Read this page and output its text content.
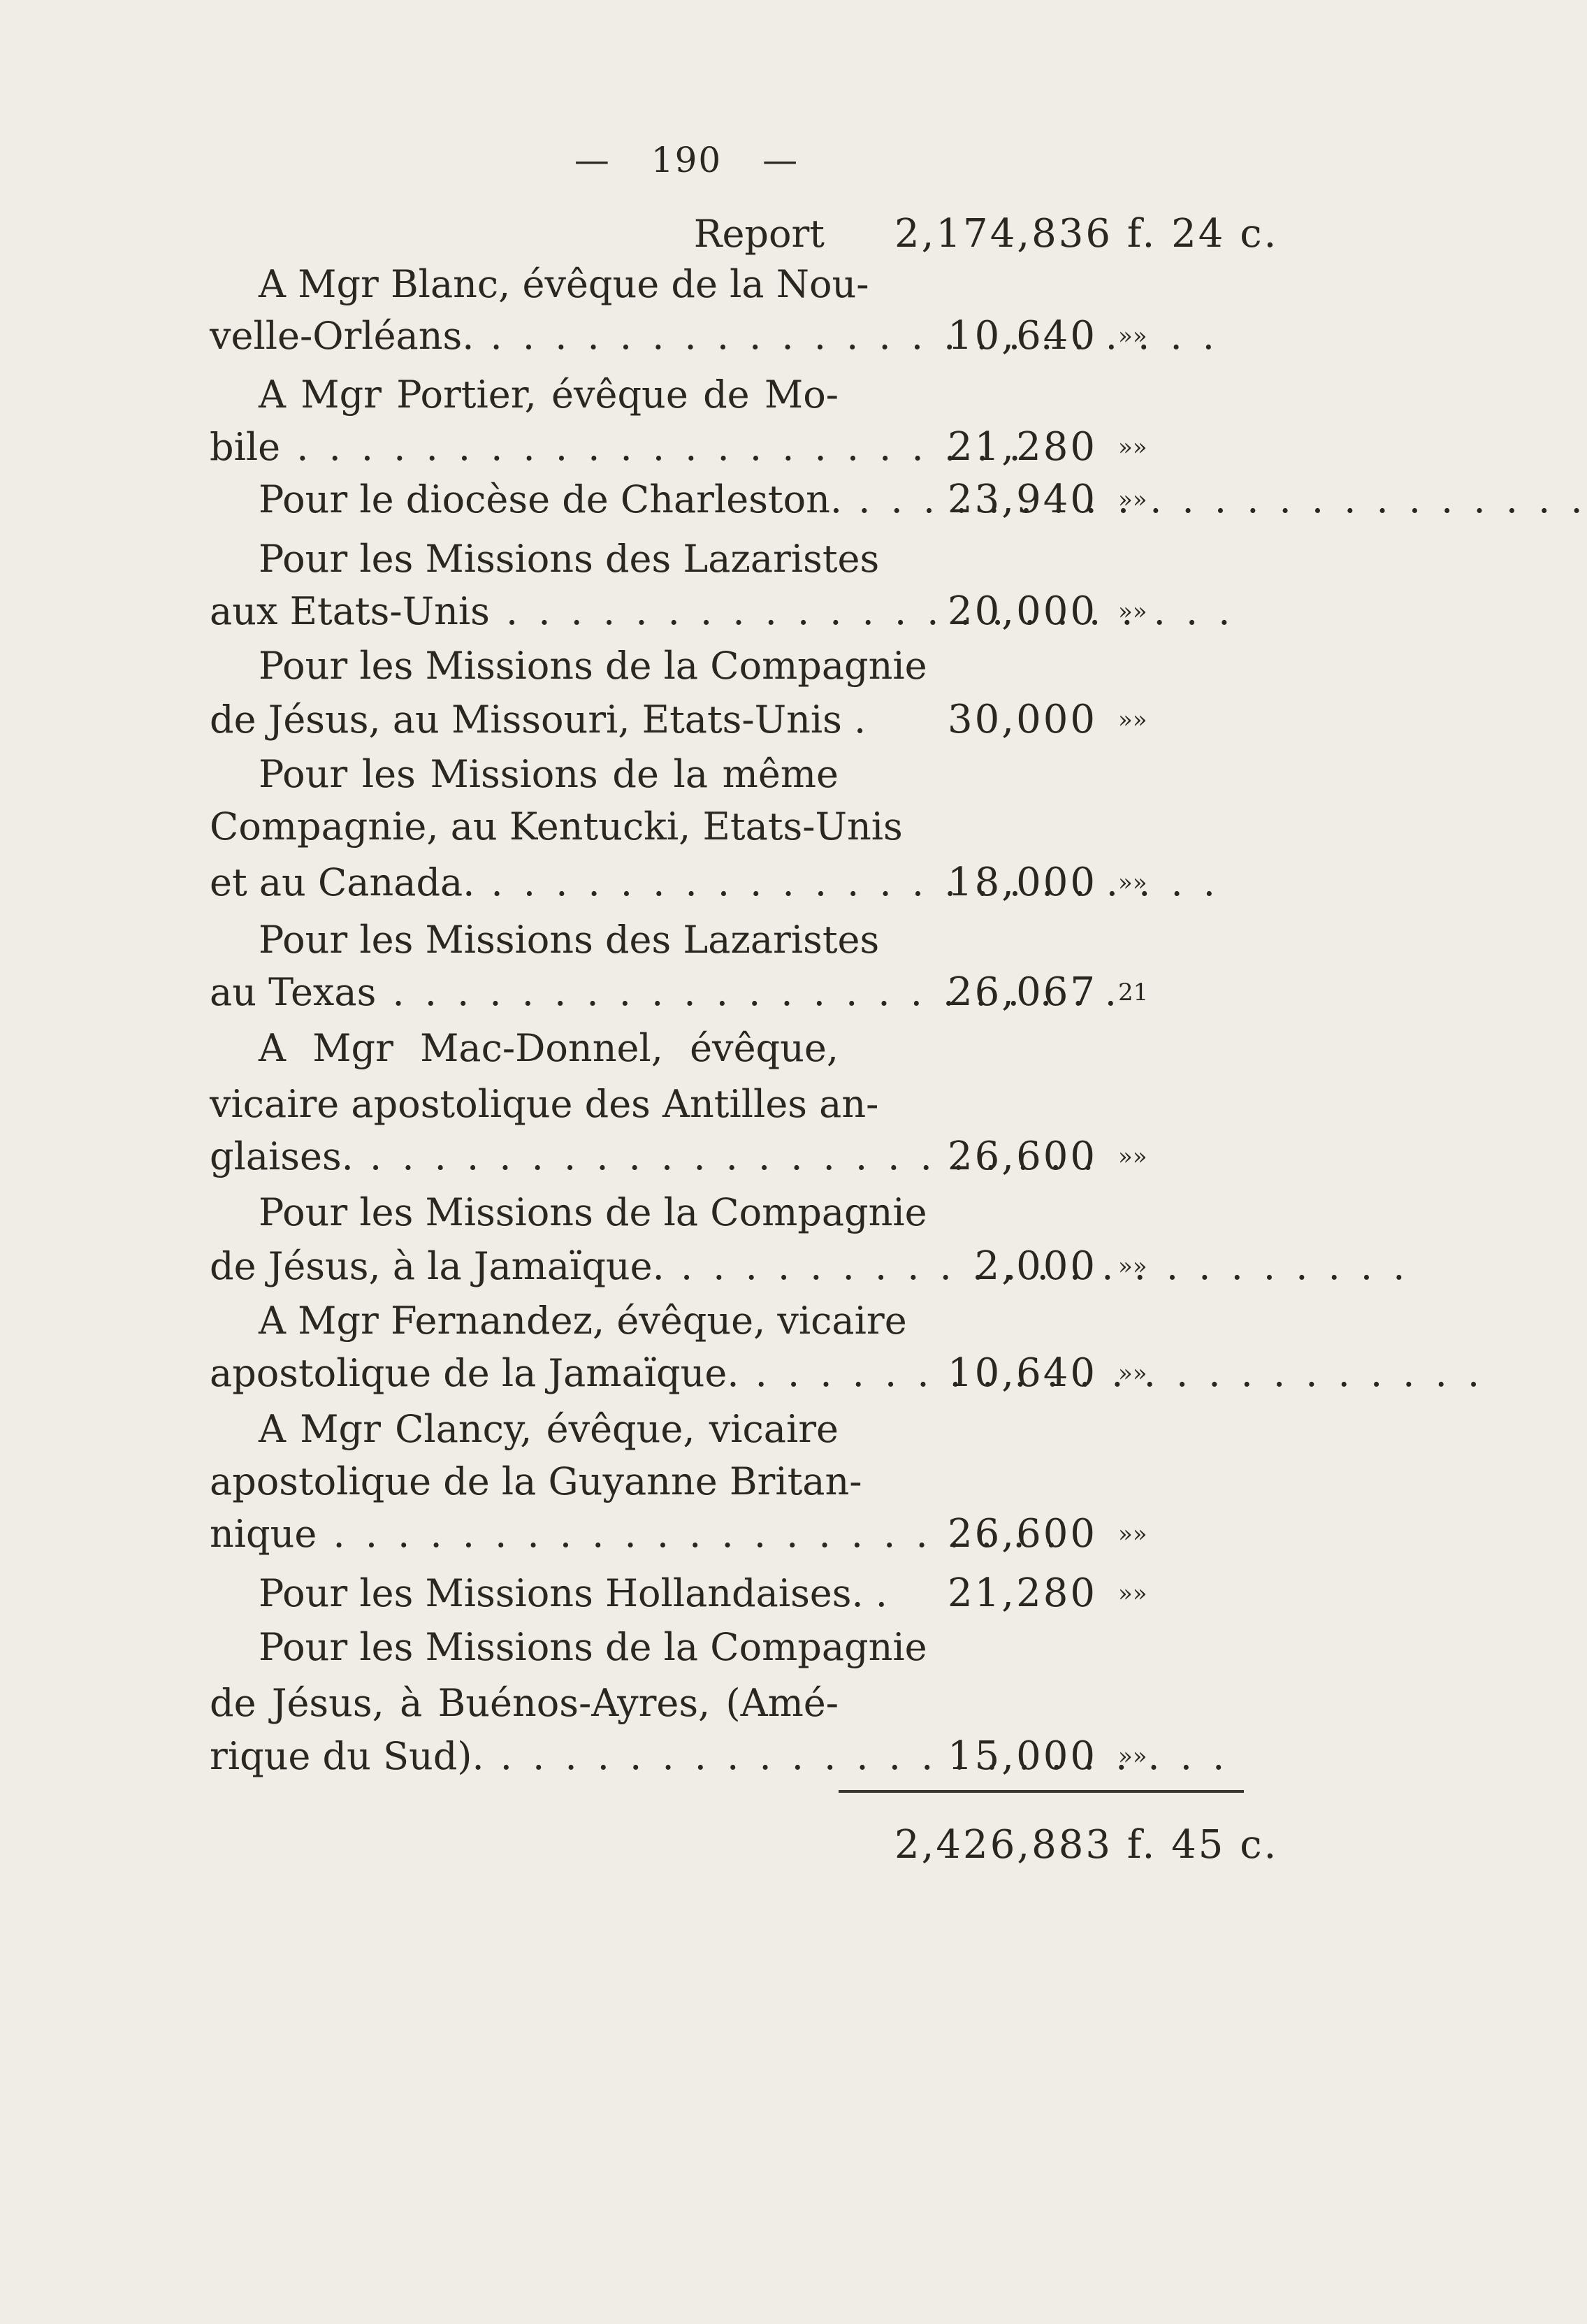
— 190 —
Report 2,174,836 f. 24 c.
A Mgr Blanc, évêque de la Nou-
velle-Orléans. . .	10,640 »»
A Mgr Portier, évêque de Mo-
bile . .	21,280 »»
Pour le diocèse de Charleston. . .	23,940 »»
Pour les Missions des Lazaristes
aux Etats-Unis . .	20,000 »»
Pour les Missions de la Compagnie
de Jésus, au Missouri, Etats-Unis .	30,000 »»
Pour les Missions de la même
Compagnie, au Kentucki, Etats-Unis
et au Canada. . .	18,000 »»
Pour les Missions des Lazaristes
au Texas . .	26,067 21
A Mgr Mac-Donnel, évêque,
vicaire apostolique des Antilles an-
glaises. . .	26,600 »»
Pour les Missions de la Compagnie
de Jésus, à la Jamaïque. . .	2,000 »»
A Mgr Fernandez, évêque, vicaire
apostolique de la Jamaïque. . .	10,640 »»
A Mgr Clancy, évêque, vicaire
apostolique de la Guyanne Britan-
nique . .	26,600 »»
Pour les Missions Hollandaises. .	21,280 »»
Pour les Missions de la Compagnie
de Jésus, à Buénos-Ayres, (Amé-
rique du Sud). . .	15,000 »»
2,426,883 f. 45 c.
